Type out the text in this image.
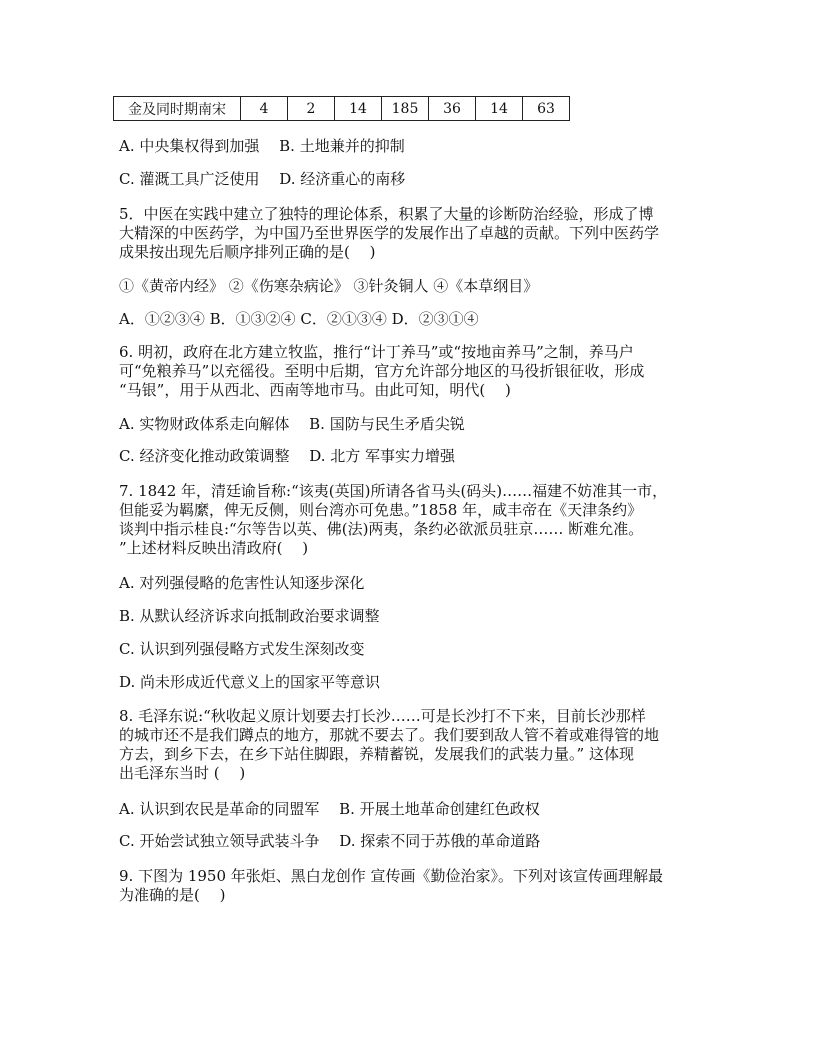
金及同时期南宋	4	2	14	185	36	14	63
A. 中央集权得到加强　 B. 土地兼并的抑制
C. 灌溉工具广泛使用　 D. 经济重心的南移
5．中医在实践中建立了独特的理论体系，积累了大量的诊断防治经验，形成了博
大精深的中医药学，为中国乃至世界医学的发展作出了卓越的贡献。下列中医药学
成果按出现先后顺序排列正确的是(　 )
①《黄帝内经》 ②《伤寒杂病论》 ③针灸铜人 ④《本草纲目》
A．①②③④ B．①③②④ C．②①③④ D．②③①④
6. 明初，政府在北方建立牧监，推行“计丁养马”或“按地亩养马”之制，养马户
可“免粮养马”以充徭役。至明中后期，官方允许部分地区的马役折银征收，形成
“马银”，用于从西北、西南等地市马。由此可知，明代(　 )
A. 实物财政体系走向解体　 B. 国防与民生矛盾尖锐
C. 经济变化推动政策调整　 D. 北方 军事实力增强
7. 1842 年，清廷谕旨称:“该夷(英国)所请各省马头(码头)……福建不妨准其一市，
但能妥为羁縻，俾无反侧，则台湾亦可免患。”1858 年，咸丰帝在《天津条约》
谈判中指示桂良:“尔等告以英、佛(法)两夷，条约必欲派员驻京…… 断难允准。
”上述材料反映出清政府(　 )
A. 对列强侵略的危害性认知逐步深化
B. 从默认经济诉求向抵制政治要求调整
C. 认识到列强侵略方式发生深刻改变
D. 尚未形成近代意义上的国家平等意识
8. 毛泽东说:“秋收起义原计划要去打长沙……可是长沙打不下来，目前长沙那样
的城市还不是我们蹲点的地方，那就不要去了。我们要到敌人管不着或难得管的地
方去，到乡下去，在乡下站住脚跟，养精蓄锐，发展我们的武装力量。” 这体现
出毛泽东当时 (　 )
A. 认识到农民是革命的同盟军　 B. 开展土地革命创建红色政权
C. 开始尝试独立领导武装斗争　 D. 探索不同于苏俄的革命道路
9. 下图为 1950 年张炬、黑白龙创作 宣传画《勤俭治家》。下列对该宣传画理解最
为准确的是(　 )
